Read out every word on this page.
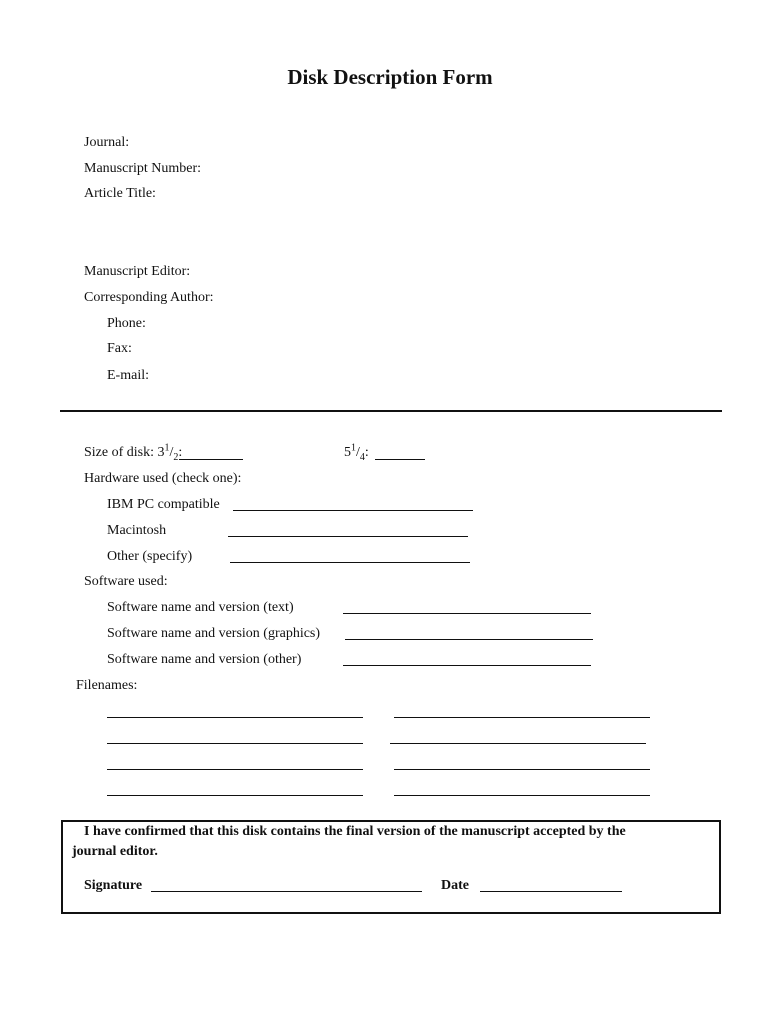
Disk Description Form
Journal:
Manuscript Number:
Article Title:
Manuscript Editor:
Corresponding Author:
Phone:
Fax:
E-mail:
Size of disk: $3^1/_2$:	$5^1/_4$:
Hardware used (check one):
IBM PC compatible
Macintosh
Other (specify)
Software used:
Software name and version (text)
Software name and version (graphics)
Software name and version (other)
Filenames:
I have confirmed that this disk contains the final version of the manuscript accepted by the
journal editor.
Signature	Date
